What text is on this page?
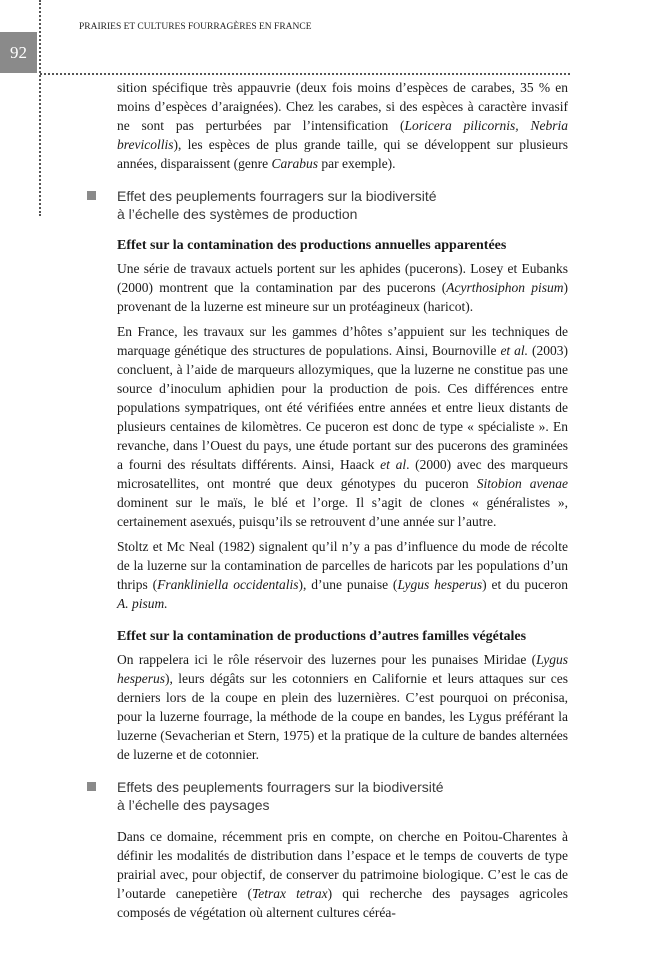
92
PRAIRIES ET CULTURES FOURRAGÈRES EN FRANCE

sition spécifique très appauvrie (deux fois moins d’espèces de carabes, 35 % en moins d’espèces d’araignées). Chez les carabes, si des espèces à caractère invasif ne sont pas perturbées par l’intensification (Loricera pilicornis, Nebria brevicollis), les espèces de plus grande taille, qui se développent sur plusieurs années, disparaissent (genre Carabus par exemple).

Effet des peuplements fourragers sur la biodiversité
à l’échelle des systèmes de production
Effet sur la contamination des productions annuelles apparentées

Une série de travaux actuels portent sur les aphides (pucerons). Losey et Eubanks (2000) montrent que la contamination par des pucerons (Acyrthosiphon pisum) provenant de la luzerne est mineure sur un protéagineux (haricot).

En France, les travaux sur les gammes d’hôtes s’appuient sur les techniques de marquage génétique des structures de populations. Ainsi, Bournoville et al. (2003) concluent, à l’aide de marqueurs allozymiques, que la luzerne ne constitue pas une source d’inoculum aphidien pour la production de pois. Ces différences entre populations sympatriques, ont été vérifiées entre années et entre lieux distants de plusieurs centaines de kilomètres. Ce puceron est donc de type « spécialiste ». En revanche, dans l’Ouest du pays, une étude portant sur des pucerons des graminées a fourni des résultats différents. Ainsi, Haack et al. (2000) avec des marqueurs microsatellites, ont montré que deux génotypes du puceron Sitobion avenae dominent sur le maïs, le blé et l’orge. Il s’agit de clones « généralistes », certainement asexués, puisqu’ils se retrouvent d’une année sur l’autre.

Stoltz et Mc Neal (1982) signalent qu’il n’y a pas d’influence du mode de récolte de la luzerne sur la contamination de parcelles de haricots par les populations d’un thrips (Frankliniella occidentalis), d’une punaise (Lygus hesperus) et du puceron A. pisum.

Effet sur la contamination de productions d’autres familles végétales

On rappelera ici le rôle réservoir des luzernes pour les punaises Miridae (Lygus hesperus), leurs dégâts sur les cotonniers en Californie et leurs attaques sur ces derniers lors de la coupe en plein des luzernières. C’est pourquoi on préconisa, pour la luzerne fourrage, la méthode de la coupe en bandes, les Lygus préférant la luzerne (Sevacherian et Stern, 1975) et la pratique de la culture de bandes alternées de luzerne et de cotonnier.

Effets des peuplements fourragers sur la biodiversité
à l’échelle des paysages

Dans ce domaine, récemment pris en compte, on cherche en Poitou-Charentes à définir les modalités de distribution dans l’espace et le temps de couverts de type prairial avec, pour objectif, de conserver du patrimoine biologique. C’est le cas de l’outarde canepetière (Tetrax tetrax) qui recherche des paysages agricoles composés de végétation où alternent cultures céréa-
